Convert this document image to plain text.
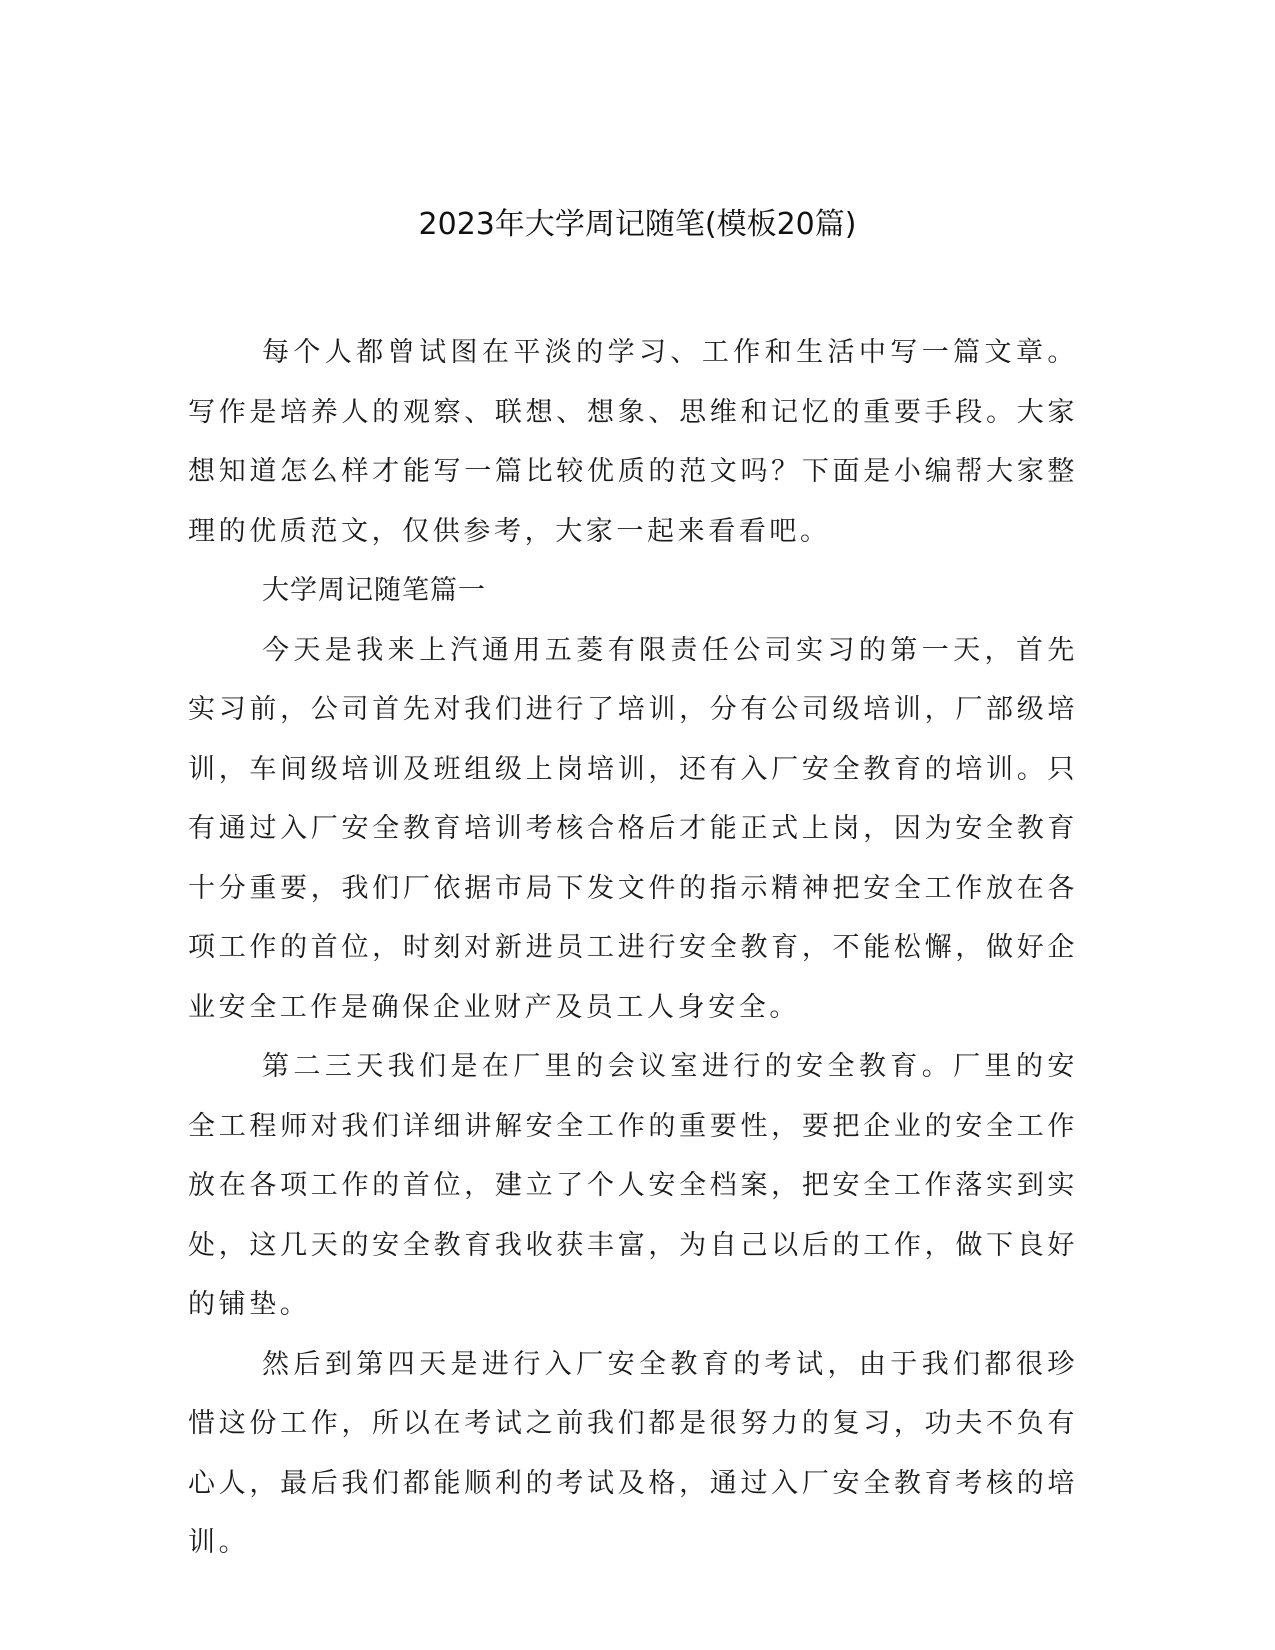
2023年大学周记随笔(模板20篇)

每个人都曾试图在平淡的学习、工作和生活中写一篇文章。写作是培养人的观察、联想、想象、思维和记忆的重要手段。大家想知道怎么样才能写一篇比较优质的范文吗？下面是小编帮大家整理的优质范文，仅供参考，大家一起来看看吧。

大学周记随笔篇一

今天是我来上汽通用五菱有限责任公司实习的第一天，首先实习前，公司首先对我们进行了培训，分有公司级培训，厂部级培训，车间级培训及班组级上岗培训，还有入厂安全教育的培训。只有通过入厂安全教育培训考核合格后才能正式上岗，因为安全教育十分重要，我们厂依据市局下发文件的指示精神把安全工作放在各项工作的首位，时刻对新进员工进行安全教育，不能松懈，做好企业安全工作是确保企业财产及员工人身安全。

第二三天我们是在厂里的会议室进行的安全教育。厂里的安全工程师对我们详细讲解安全工作的重要性，要把企业的安全工作放在各项工作的首位，建立了个人安全档案，把安全工作落实到实处，这几天的安全教育我收获丰富，为自己以后的工作，做下良好的铺垫。

然后到第四天是进行入厂安全教育的考试，由于我们都很珍惜这份工作，所以在考试之前我们都是很努力的复习，功夫不负有心人，最后我们都能顺利的考试及格，通过入厂安全教育考核的培训。
